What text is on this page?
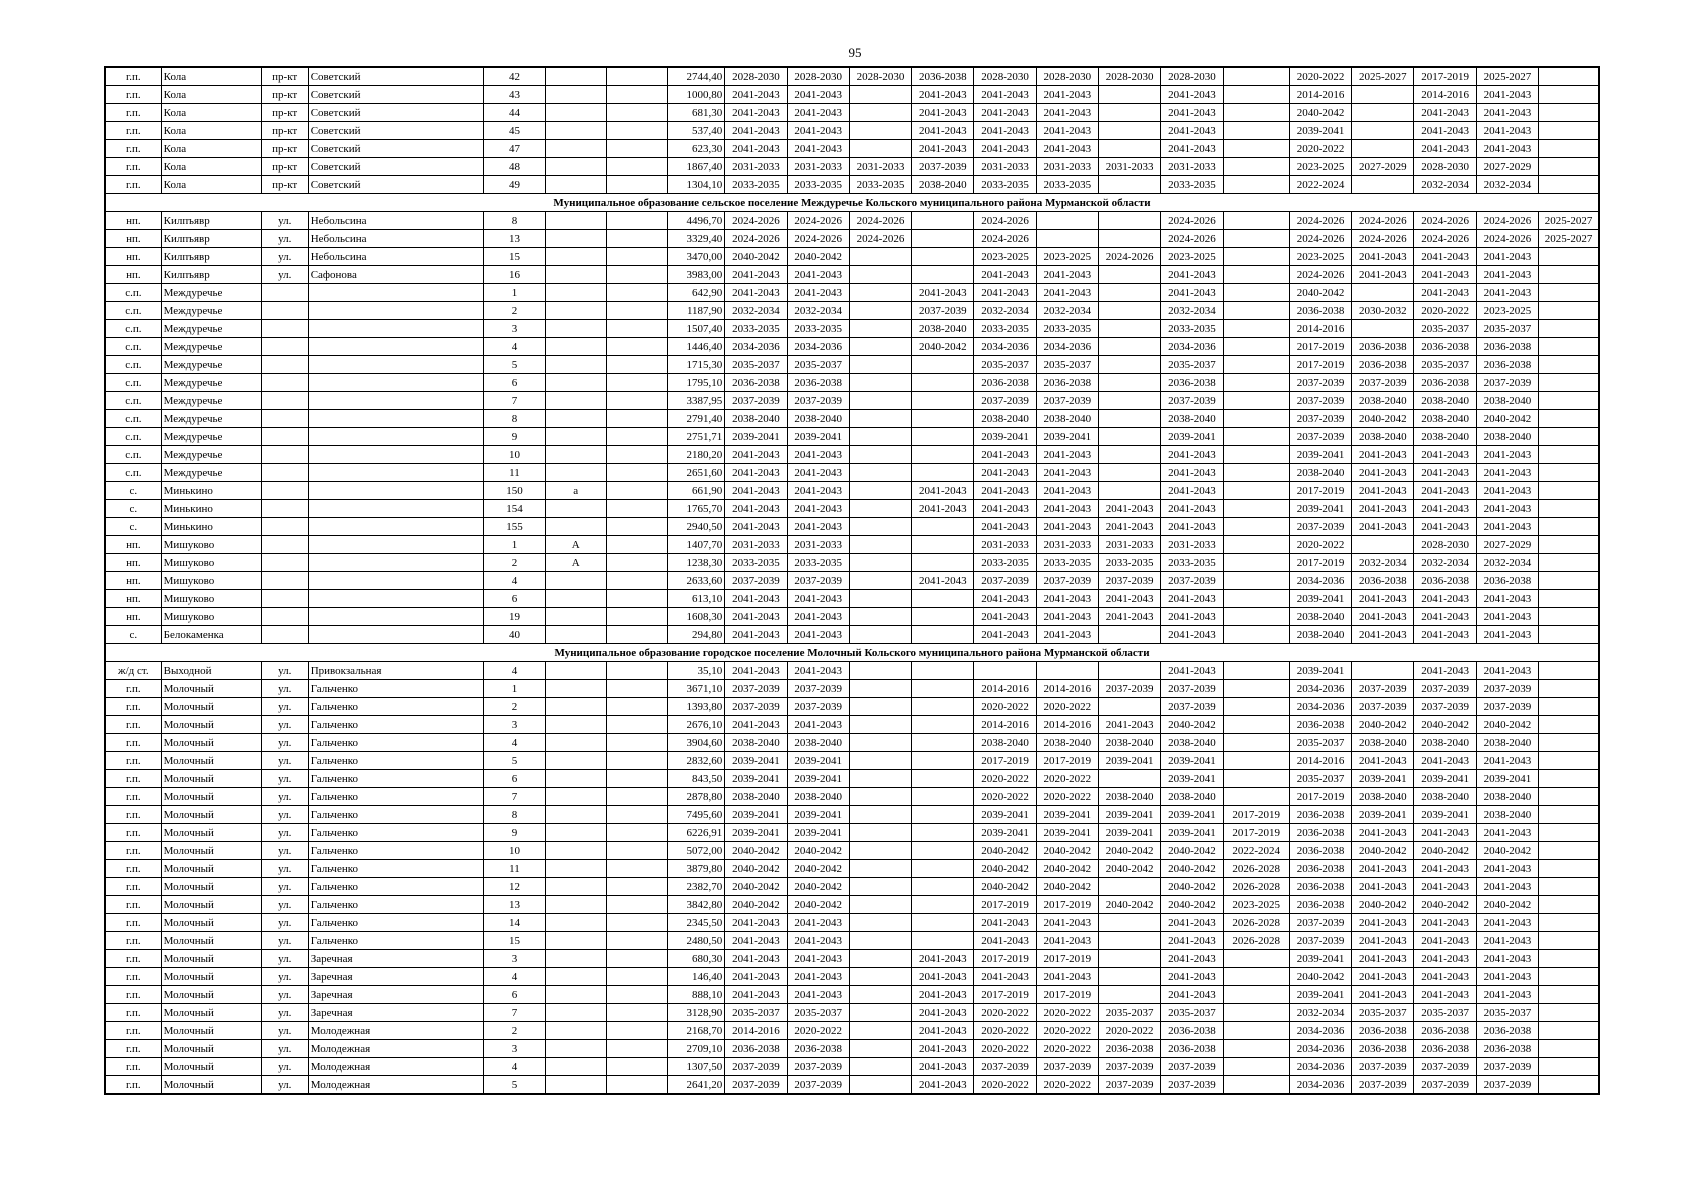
95
г.п.	Кола	пр-кт	Советский	42			2744,40	2028-2030	2028-2030	2028-2030	2036-2038	2028-2030	2028-2030	2028-2030	2028-2030		2020-2022	2025-2027	2017-2019	2025-2027	
г.п.	Кола	пр-кт	Советский	43			1000,80	2041-2043	2041-2043		2041-2043	2041-2043	2041-2043		2041-2043		2014-2016		2014-2016	2041-2043	
г.п.	Кола	пр-кт	Советский	44			681,30	2041-2043	2041-2043		2041-2043	2041-2043	2041-2043		2041-2043		2040-2042		2041-2043	2041-2043	
г.п.	Кола	пр-кт	Советский	45			537,40	2041-2043	2041-2043		2041-2043	2041-2043	2041-2043		2041-2043		2039-2041		2041-2043	2041-2043	
г.п.	Кола	пр-кт	Советский	47			623,30	2041-2043	2041-2043		2041-2043	2041-2043	2041-2043		2041-2043		2020-2022		2041-2043	2041-2043	
г.п.	Кола	пр-кт	Советский	48			1867,40	2031-2033	2031-2033	2031-2033	2037-2039	2031-2033	2031-2033	2031-2033	2031-2033		2023-2025	2027-2029	2028-2030	2027-2029	
г.п.	Кола	пр-кт	Советский	49			1304,10	2033-2035	2033-2035	2033-2035	2038-2040	2033-2035	2033-2035		2033-2035		2022-2024		2032-2034	2032-2034	
Муниципальное образование сельское поселение Междуречье Кольского муниципального района Мурманской области																					
нп.	Килпъявр	ул.	Небольсина	8			4496,70	2024-2026	2024-2026	2024-2026		2024-2026			2024-2026		2024-2026	2024-2026	2024-2026	2024-2026	2025-2027
нп.	Килпъявр	ул.	Небольсина	13			3329,40	2024-2026	2024-2026	2024-2026		2024-2026			2024-2026		2024-2026	2024-2026	2024-2026	2024-2026	2025-2027
нп.	Килпъявр	ул.	Небольсина	15			3470,00	2040-2042	2040-2042			2023-2025	2023-2025	2024-2026	2023-2025		2023-2025	2041-2043	2041-2043	2041-2043	
нп.	Килпъявр	ул.	Сафонова	16			3983,00	2041-2043	2041-2043			2041-2043	2041-2043		2041-2043		2024-2026	2041-2043	2041-2043	2041-2043	
с.п.	Междуречье			1			642,90	2041-2043	2041-2043		2041-2043	2041-2043	2041-2043		2041-2043		2040-2042		2041-2043	2041-2043	
с.п.	Междуречье			2			1187,90	2032-2034	2032-2034		2037-2039	2032-2034	2032-2034		2032-2034		2036-2038	2030-2032	2020-2022	2023-2025	
с.п.	Междуречье			3			1507,40	2033-2035	2033-2035		2038-2040	2033-2035	2033-2035		2033-2035		2014-2016		2035-2037	2035-2037	
с.п.	Междуречье			4			1446,40	2034-2036	2034-2036		2040-2042	2034-2036	2034-2036		2034-2036		2017-2019	2036-2038	2036-2038	2036-2038	
с.п.	Междуречье			5			1715,30	2035-2037	2035-2037			2035-2037	2035-2037		2035-2037		2017-2019	2036-2038	2035-2037	2036-2038	
с.п.	Междуречье			6			1795,10	2036-2038	2036-2038			2036-2038	2036-2038		2036-2038		2037-2039	2037-2039	2036-2038	2037-2039	
с.п.	Междуречье			7			3387,95	2037-2039	2037-2039			2037-2039	2037-2039		2037-2039		2037-2039	2038-2040	2038-2040	2038-2040	
с.п.	Междуречье			8			2791,40	2038-2040	2038-2040			2038-2040	2038-2040		2038-2040		2037-2039	2040-2042	2038-2040	2040-2042	
с.п.	Междуречье			9			2751,71	2039-2041	2039-2041			2039-2041	2039-2041		2039-2041		2037-2039	2038-2040	2038-2040	2038-2040	
с.п.	Междуречье			10			2180,20	2041-2043	2041-2043			2041-2043	2041-2043		2041-2043		2039-2041	2041-2043	2041-2043	2041-2043	
с.п.	Междуречье			11			2651,60	2041-2043	2041-2043			2041-2043	2041-2043		2041-2043		2038-2040	2041-2043	2041-2043	2041-2043	
с.	Минькино			150	а		661,90	2041-2043	2041-2043		2041-2043	2041-2043	2041-2043		2041-2043		2017-2019	2041-2043	2041-2043	2041-2043	
с.	Минькино			154			1765,70	2041-2043	2041-2043		2041-2043	2041-2043	2041-2043	2041-2043	2041-2043		2039-2041	2041-2043	2041-2043	2041-2043	
с.	Минькино			155			2940,50	2041-2043	2041-2043			2041-2043	2041-2043	2041-2043	2041-2043		2037-2039	2041-2043	2041-2043	2041-2043	
нп.	Мишуково			1	А		1407,70	2031-2033	2031-2033			2031-2033	2031-2033	2031-2033	2031-2033		2020-2022		2028-2030	2027-2029	
нп.	Мишуково			2	А		1238,30	2033-2035	2033-2035			2033-2035	2033-2035	2033-2035	2033-2035		2017-2019	2032-2034	2032-2034	2032-2034	
нп.	Мишуково			4			2633,60	2037-2039	2037-2039		2041-2043	2037-2039	2037-2039	2037-2039	2037-2039		2034-2036	2036-2038	2036-2038	2036-2038	
нп.	Мишуково			6			613,10	2041-2043	2041-2043			2041-2043	2041-2043	2041-2043	2041-2043		2039-2041	2041-2043	2041-2043	2041-2043	
нп.	Мишуково			19			1608,30	2041-2043	2041-2043			2041-2043	2041-2043	2041-2043	2041-2043		2038-2040	2041-2043	2041-2043	2041-2043	
с.	Белокаменка			40			294,80	2041-2043	2041-2043			2041-2043	2041-2043		2041-2043		2038-2040	2041-2043	2041-2043	2041-2043	
Муниципальное образование городское поселение Молочный Кольского муниципального района Мурманской области																					
ж/д ст.	Выходной	ул.	Привокзальная	4			35,10	2041-2043	2041-2043						2041-2043		2039-2041		2041-2043	2041-2043	
г.п.	Молочный	ул.	Гальченко	1			3671,10	2037-2039	2037-2039			2014-2016	2014-2016	2037-2039	2037-2039		2034-2036	2037-2039	2037-2039	2037-2039	
г.п.	Молочный	ул.	Гальченко	2			1393,80	2037-2039	2037-2039			2020-2022	2020-2022		2037-2039		2034-2036	2037-2039	2037-2039	2037-2039	
г.п.	Молочный	ул.	Гальченко	3			2676,10	2041-2043	2041-2043			2014-2016	2014-2016	2041-2043	2040-2042		2036-2038	2040-2042	2040-2042	2040-2042	
г.п.	Молочный	ул.	Гальченко	4			3904,60	2038-2040	2038-2040			2038-2040	2038-2040	2038-2040	2038-2040		2035-2037	2038-2040	2038-2040	2038-2040	
г.п.	Молочный	ул.	Гальченко	5			2832,60	2039-2041	2039-2041			2017-2019	2017-2019	2039-2041	2039-2041		2014-2016	2041-2043	2041-2043	2041-2043	
г.п.	Молочный	ул.	Гальченко	6			843,50	2039-2041	2039-2041			2020-2022	2020-2022		2039-2041		2035-2037	2039-2041	2039-2041	2039-2041	
г.п.	Молочный	ул.	Гальченко	7			2878,80	2038-2040	2038-2040			2020-2022	2020-2022	2038-2040	2038-2040		2017-2019	2038-2040	2038-2040	2038-2040	
г.п.	Молочный	ул.	Гальченко	8			7495,60	2039-2041	2039-2041			2039-2041	2039-2041	2039-2041	2039-2041	2017-2019	2036-2038	2039-2041	2039-2041	2038-2040	
г.п.	Молочный	ул.	Гальченко	9			6226,91	2039-2041	2039-2041			2039-2041	2039-2041	2039-2041	2039-2041	2017-2019	2036-2038	2041-2043	2041-2043	2041-2043	
г.п.	Молочный	ул.	Гальченко	10			5072,00	2040-2042	2040-2042			2040-2042	2040-2042	2040-2042	2040-2042	2022-2024	2036-2038	2040-2042	2040-2042	2040-2042	
г.п.	Молочный	ул.	Гальченко	11			3879,80	2040-2042	2040-2042			2040-2042	2040-2042	2040-2042	2040-2042	2026-2028	2036-2038	2041-2043	2041-2043	2041-2043	
г.п.	Молочный	ул.	Гальченко	12			2382,70	2040-2042	2040-2042			2040-2042	2040-2042		2040-2042	2026-2028	2036-2038	2041-2043	2041-2043	2041-2043	
г.п.	Молочный	ул.	Гальченко	13			3842,80	2040-2042	2040-2042			2017-2019	2017-2019	2040-2042	2040-2042	2023-2025	2036-2038	2040-2042	2040-2042	2040-2042	
г.п.	Молочный	ул.	Гальченко	14			2345,50	2041-2043	2041-2043			2041-2043	2041-2043		2041-2043	2026-2028	2037-2039	2041-2043	2041-2043	2041-2043	
г.п.	Молочный	ул.	Гальченко	15			2480,50	2041-2043	2041-2043			2041-2043	2041-2043		2041-2043	2026-2028	2037-2039	2041-2043	2041-2043	2041-2043	
г.п.	Молочный	ул.	Заречная	3			680,30	2041-2043	2041-2043		2041-2043	2017-2019	2017-2019		2041-2043		2039-2041	2041-2043	2041-2043	2041-2043	
г.п.	Молочный	ул.	Заречная	4			146,40	2041-2043	2041-2043		2041-2043	2041-2043	2041-2043		2041-2043		2040-2042	2041-2043	2041-2043	2041-2043	
г.п.	Молочный	ул.	Заречная	6			888,10	2041-2043	2041-2043		2041-2043	2017-2019	2017-2019		2041-2043		2039-2041	2041-2043	2041-2043	2041-2043	
г.п.	Молочный	ул.	Заречная	7			3128,90	2035-2037	2035-2037		2041-2043	2020-2022	2020-2022	2035-2037	2035-2037		2032-2034	2035-2037	2035-2037	2035-2037	
г.п.	Молочный	ул.	Молодежная	2			2168,70	2014-2016	2020-2022		2041-2043	2020-2022	2020-2022	2020-2022	2036-2038		2034-2036	2036-2038	2036-2038	2036-2038	
г.п.	Молочный	ул.	Молодежная	3			2709,10	2036-2038	2036-2038		2041-2043	2020-2022	2020-2022	2036-2038	2036-2038		2034-2036	2036-2038	2036-2038	2036-2038	
г.п.	Молочный	ул.	Молодежная	4			1307,50	2037-2039	2037-2039		2041-2043	2037-2039	2037-2039	2037-2039	2037-2039		2034-2036	2037-2039	2037-2039	2037-2039	
г.п.	Молочный	ул.	Молодежная	5			2641,20	2037-2039	2037-2039		2041-2043	2020-2022	2020-2022	2037-2039	2037-2039		2034-2036	2037-2039	2037-2039	2037-2039	
